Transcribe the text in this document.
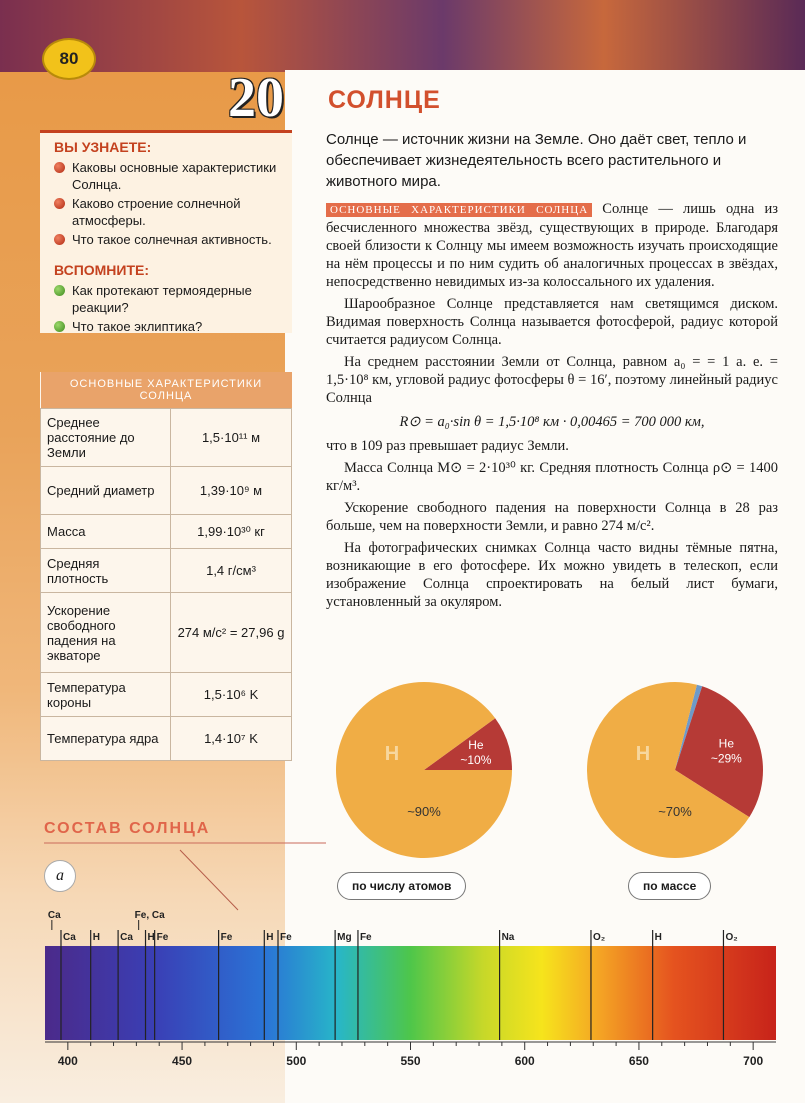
80
20 СОЛНЦЕ
ВЫ УЗНАЕТЕ:
Каковы основные характеристики Солнца.
Каково строение солнечной атмосферы.
Что такое солнечная активность.
ВСПОМНИТЕ:
Как протекают термоядерные реакции?
Что такое эклиптика?
ОСНОВНЫЕ ХАРАКТЕРИСТИКИ СОЛНЦА	
Среднее расстояние до Земли	1,5·10¹¹ м
Средний диаметр	1,39·10⁹ м
Масса	1,99·10³⁰ кг
Средняя плотность	1,4 г/см³
Ускорение свободного падения на экваторе	274 м/с² = 27,96 g
Температура короны	1,5·10⁶ K
Температура ядра	1,4·10⁷ K
Солнце — источник жизни на Земле. Оно даёт свет, тепло и обеспечивает жизнедеятельность всего растительного и животного мира.

ОСНОВНЫЕ ХАРАКТЕРИСТИКИ СОЛНЦА Солнце — лишь одна из бесчисленного множества звёзд, существующих в природе. Благодаря своей близости к Солнцу мы имеем возможность изучать происходящие на нём процессы и по ним судить об аналогичных процессах в звёздах, непосредственно невидимых из-за колоссального их удаления.

Шарообразное Солнце представляется нам светящимся диском. Видимая поверхность Солнца называется фотосферой, радиус которой считается радиусом Солнца.

На среднем расстоянии Земли от Солнца, равном a₀ = = 1 а. е. = 1,5·10⁸ км, угловой радиус фотосферы θ = 16′, поэтому линейный радиус Солнца

R⊙ = a₀·sin θ = 1,5·10⁸ км · 0,00465 = 700 000 км,

что в 109 раз превышает радиус Земли.

Масса Солнца M⊙ = 2·10³⁰ кг. Средняя плотность Солнца ρ⊙ = 1400 кг/м³.

Ускорение свободного падения на поверхности Солнца в 28 раз больше, чем на поверхности Земли, и равно 274 м/с².

На фотографических снимках Солнца часто видны тёмные пятна, возникающие в его фотосфере. Их можно увидеть в телескоп, если изображение Солнца спроектировать на белый лист бумаги, установленный за окуляром.

He
~10%
H
~90%
He
~29%
H
~70%
по числу атомов	по массе
СОСТАВ СОЛНЦА
а
Ca H Ca H Fe	Fe	H Fe	Mg Fe	Na	O₂	H	O₂
Ca	Fe, Ca
400	450	500	550	600	650	700
